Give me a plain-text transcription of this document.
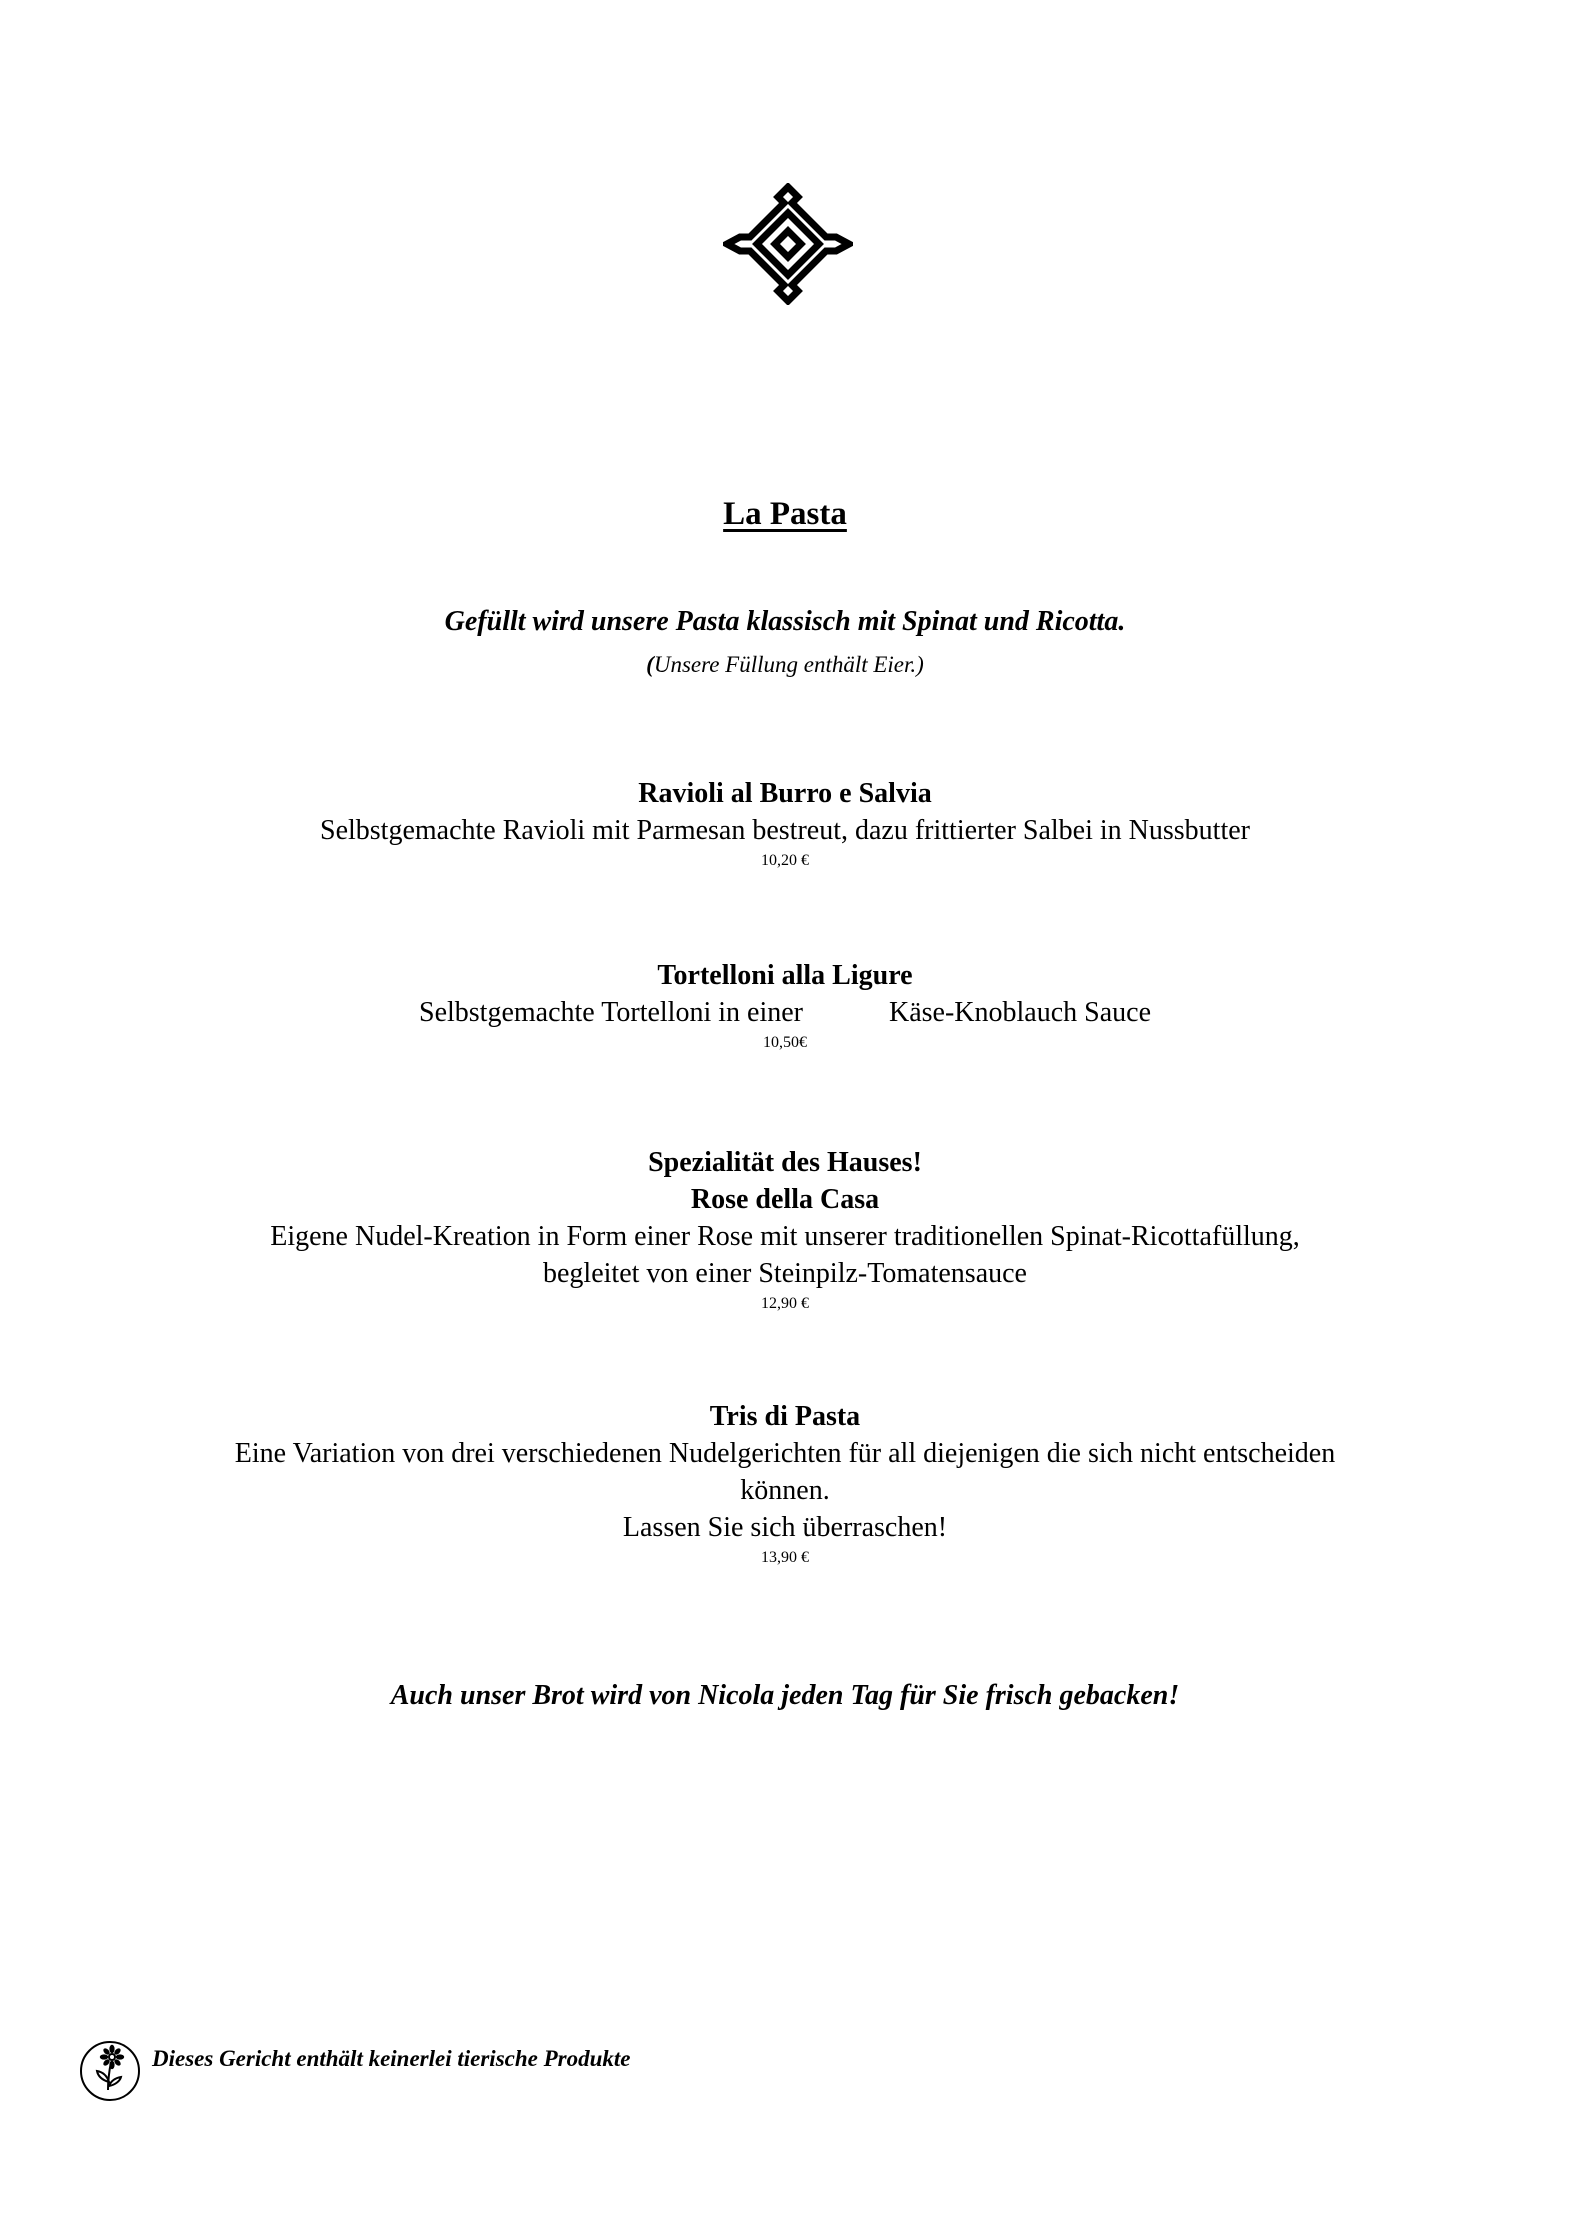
La Pasta
Gefüllt wird unsere Pasta klassisch mit Spinat und Ricotta.
(Unsere Füllung enthält Eier.)
Ravioli al Burro e Salvia
Selbstgemachte Ravioli mit Parmesan bestreut, dazu frittierter Salbei in Nussbutter
10,20 €
Tortelloni alla Ligure
Selbstgemachte Tortelloni in einer	Käse-Knoblauch Sauce
10,50€
Spezialität des Hauses!
Rose della Casa
Eigene Nudel-Kreation in Form einer Rose mit unserer traditionellen Spinat-Ricottafüllung,
begleitet von einer Steinpilz-Tomatensauce
12,90 €
Tris di Pasta
Eine Variation von drei verschiedenen Nudelgerichten für all diejenigen die sich nicht entscheiden
können.
Lassen Sie sich überraschen!
13,90 €
Auch unser Brot wird von Nicola jeden Tag für Sie frisch gebacken!
Dieses Gericht enthält keinerlei tierische Produkte
